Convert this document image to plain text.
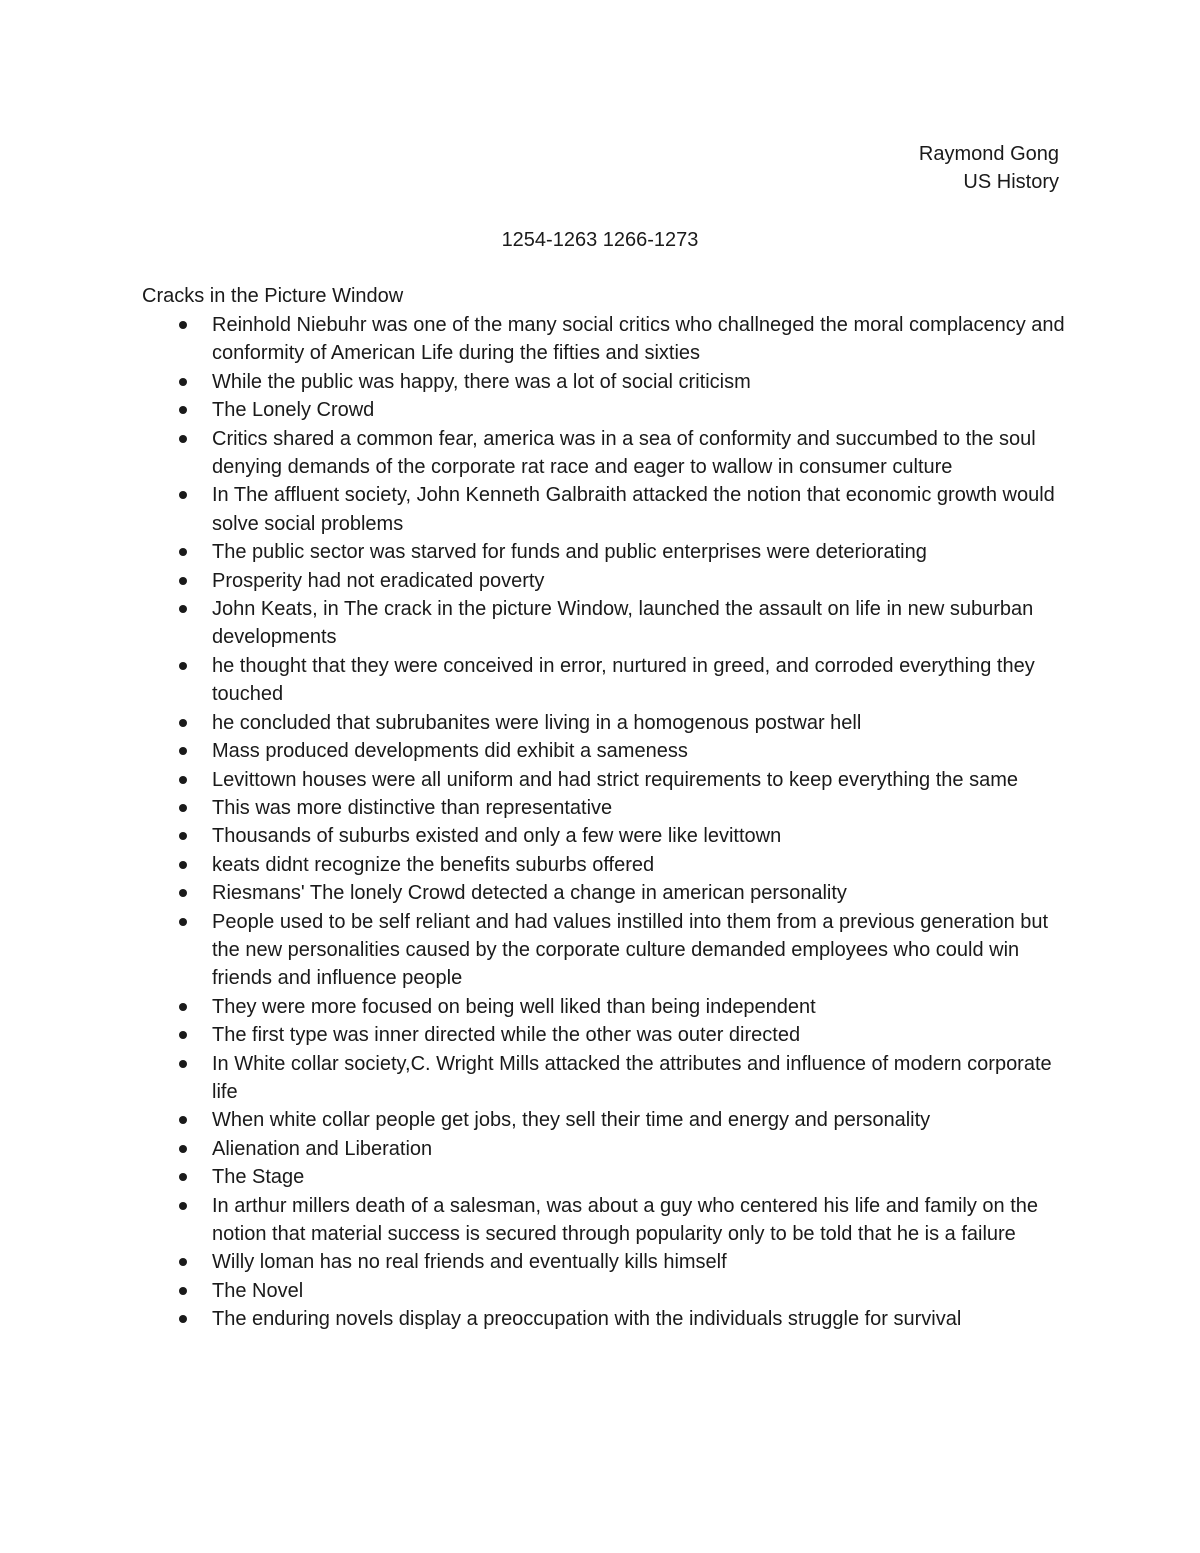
Raymond Gong
US History
1254-1263 1266-1273
Cracks in the Picture Window
Reinhold Niebuhr was one of the many social critics who challneged the moral complacency and conformity of American Life during the fifties and sixties
While the public was happy, there was a lot of social criticism
The Lonely Crowd
Critics shared a common fear, america was in a sea of conformity and succumbed to the soul denying demands of the corporate rat race and eager to wallow in consumer culture
In The affluent society, John Kenneth Galbraith attacked the notion that economic growth would solve social problems
The public sector was starved for funds and public enterprises were deteriorating
Prosperity had not eradicated poverty
John Keats, in The crack in the picture Window, launched the assault on life in new suburban developments
he thought that they were conceived in error, nurtured in greed, and corroded everything they touched
he concluded that subrubanites were living in a homogenous postwar hell
Mass produced developments did exhibit a sameness
Levittown houses were all uniform and had strict requirements to keep everything the same
This was more distinctive than representative
Thousands of suburbs existed and only a few were like levittown
keats didnt recognize the benefits suburbs offered
Riesmans' The lonely Crowd detected a change in american personality
People used to be self reliant and had values instilled into them from a previous generation but the new personalities caused by the corporate culture demanded employees who could win friends and influence people
They were more focused on being well liked than being independent
The first type was inner directed while the other was outer directed
In White collar society,C. Wright Mills attacked the attributes and influence of modern corporate life
When white collar people get jobs, they sell their time and energy and personality
Alienation and Liberation
The Stage
In arthur millers death of a salesman, was about a guy who centered his life and family on the notion that material success is secured through popularity only to be told that he is a failure
Willy loman has no real friends and eventually kills himself
The Novel
The enduring novels display a preoccupation with the individuals struggle for survival
